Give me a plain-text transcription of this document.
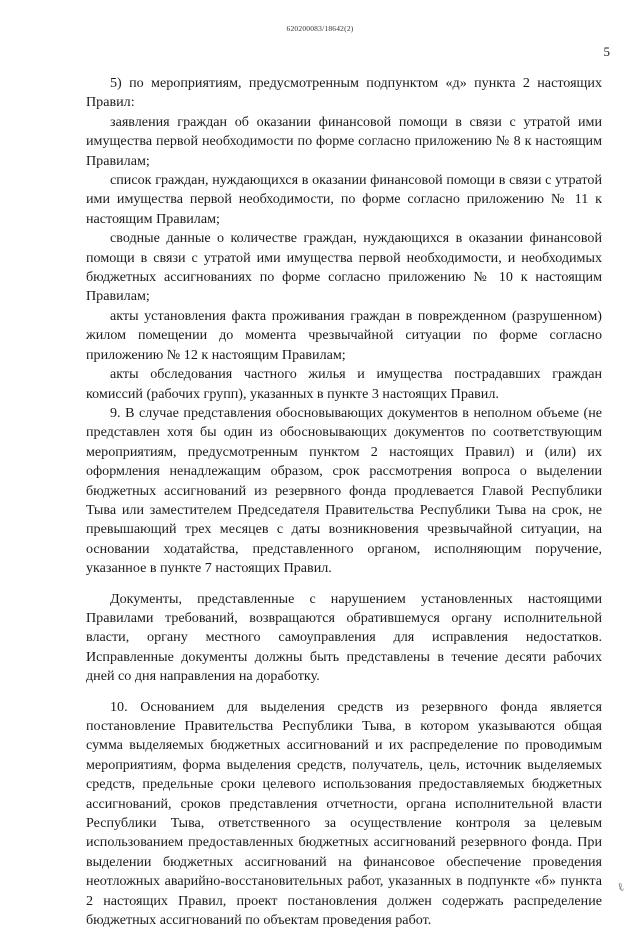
620200083/18642(2)
5

5) по мероприятиям, предусмотренным подпунктом «д» пункта 2 настоящих Правил:

заявления граждан об оказании финансовой помощи в связи с утратой ими имущества первой необходимости по форме согласно приложению № 8 к настоящим Правилам;

список граждан, нуждающихся в оказании финансовой помощи в связи с утратой ими имущества первой необходимости, по форме согласно приложению № 11 к настоящим Правилам;

сводные данные о количестве граждан, нуждающихся в оказании финансовой помощи в связи с утратой ими имущества первой необходимости, и необходимых бюджетных ассигнованиях по форме согласно приложению № 10 к настоящим Правилам;

акты установления факта проживания граждан в поврежденном (разрушенном) жилом помещении до момента чрезвычайной ситуации по форме согласно приложению № 12 к настоящим Правилам;

акты обследования частного жилья и имущества пострадавших граждан комиссий (рабочих групп), указанных в пункте 3 настоящих Правил.

9. В случае представления обосновывающих документов в неполном объеме (не представлен хотя бы один из обосновывающих документов по соответствующим мероприятиям, предусмотренным пунктом 2 настоящих Правил) и (или) их оформления ненадлежащим образом, срок рассмотрения вопроса о выделении бюджетных ассигнований из резервного фонда продлевается Главой Республики Тыва или заместителем Председателя Правительства Республики Тыва на срок, не превышающий трех месяцев с даты возникновения чрезвычайной ситуации, на основании ходатайства, представленного органом, исполняющим поручение, указанное в пункте 7 настоящих Правил.

Документы, представленные с нарушением установленных настоящими Правилами требований, возвращаются обратившемуся органу исполнительной власти, органу местного самоуправления для исправления недостатков. Исправленные документы должны быть представлены в течение десяти рабочих дней со дня направления на доработку.

10. Основанием для выделения средств из резервного фонда является постановление Правительства Республики Тыва, в котором указываются общая сумма выделяемых бюджетных ассигнований и их распределение по проводимым мероприятиям, форма выделения средств, получатель, цель, источник выделяемых средств, предельные сроки целевого использования предоставляемых бюджетных ассигнований, сроков представления отчетности, органа исполнительной власти Республики Тыва, ответственного за осуществление контроля за целевым использованием предоставленных бюджетных ассигнований резервного фонда. При выделении бюджетных ассигнований на финансовое обеспечение проведения неотложных аварийно-восстановительных работ, указанных в подпункте «б» пункта 2 настоящих Правил, проект постановления должен содержать распределение бюджетных ассигнований по объектам проведения работ.

ℓ
